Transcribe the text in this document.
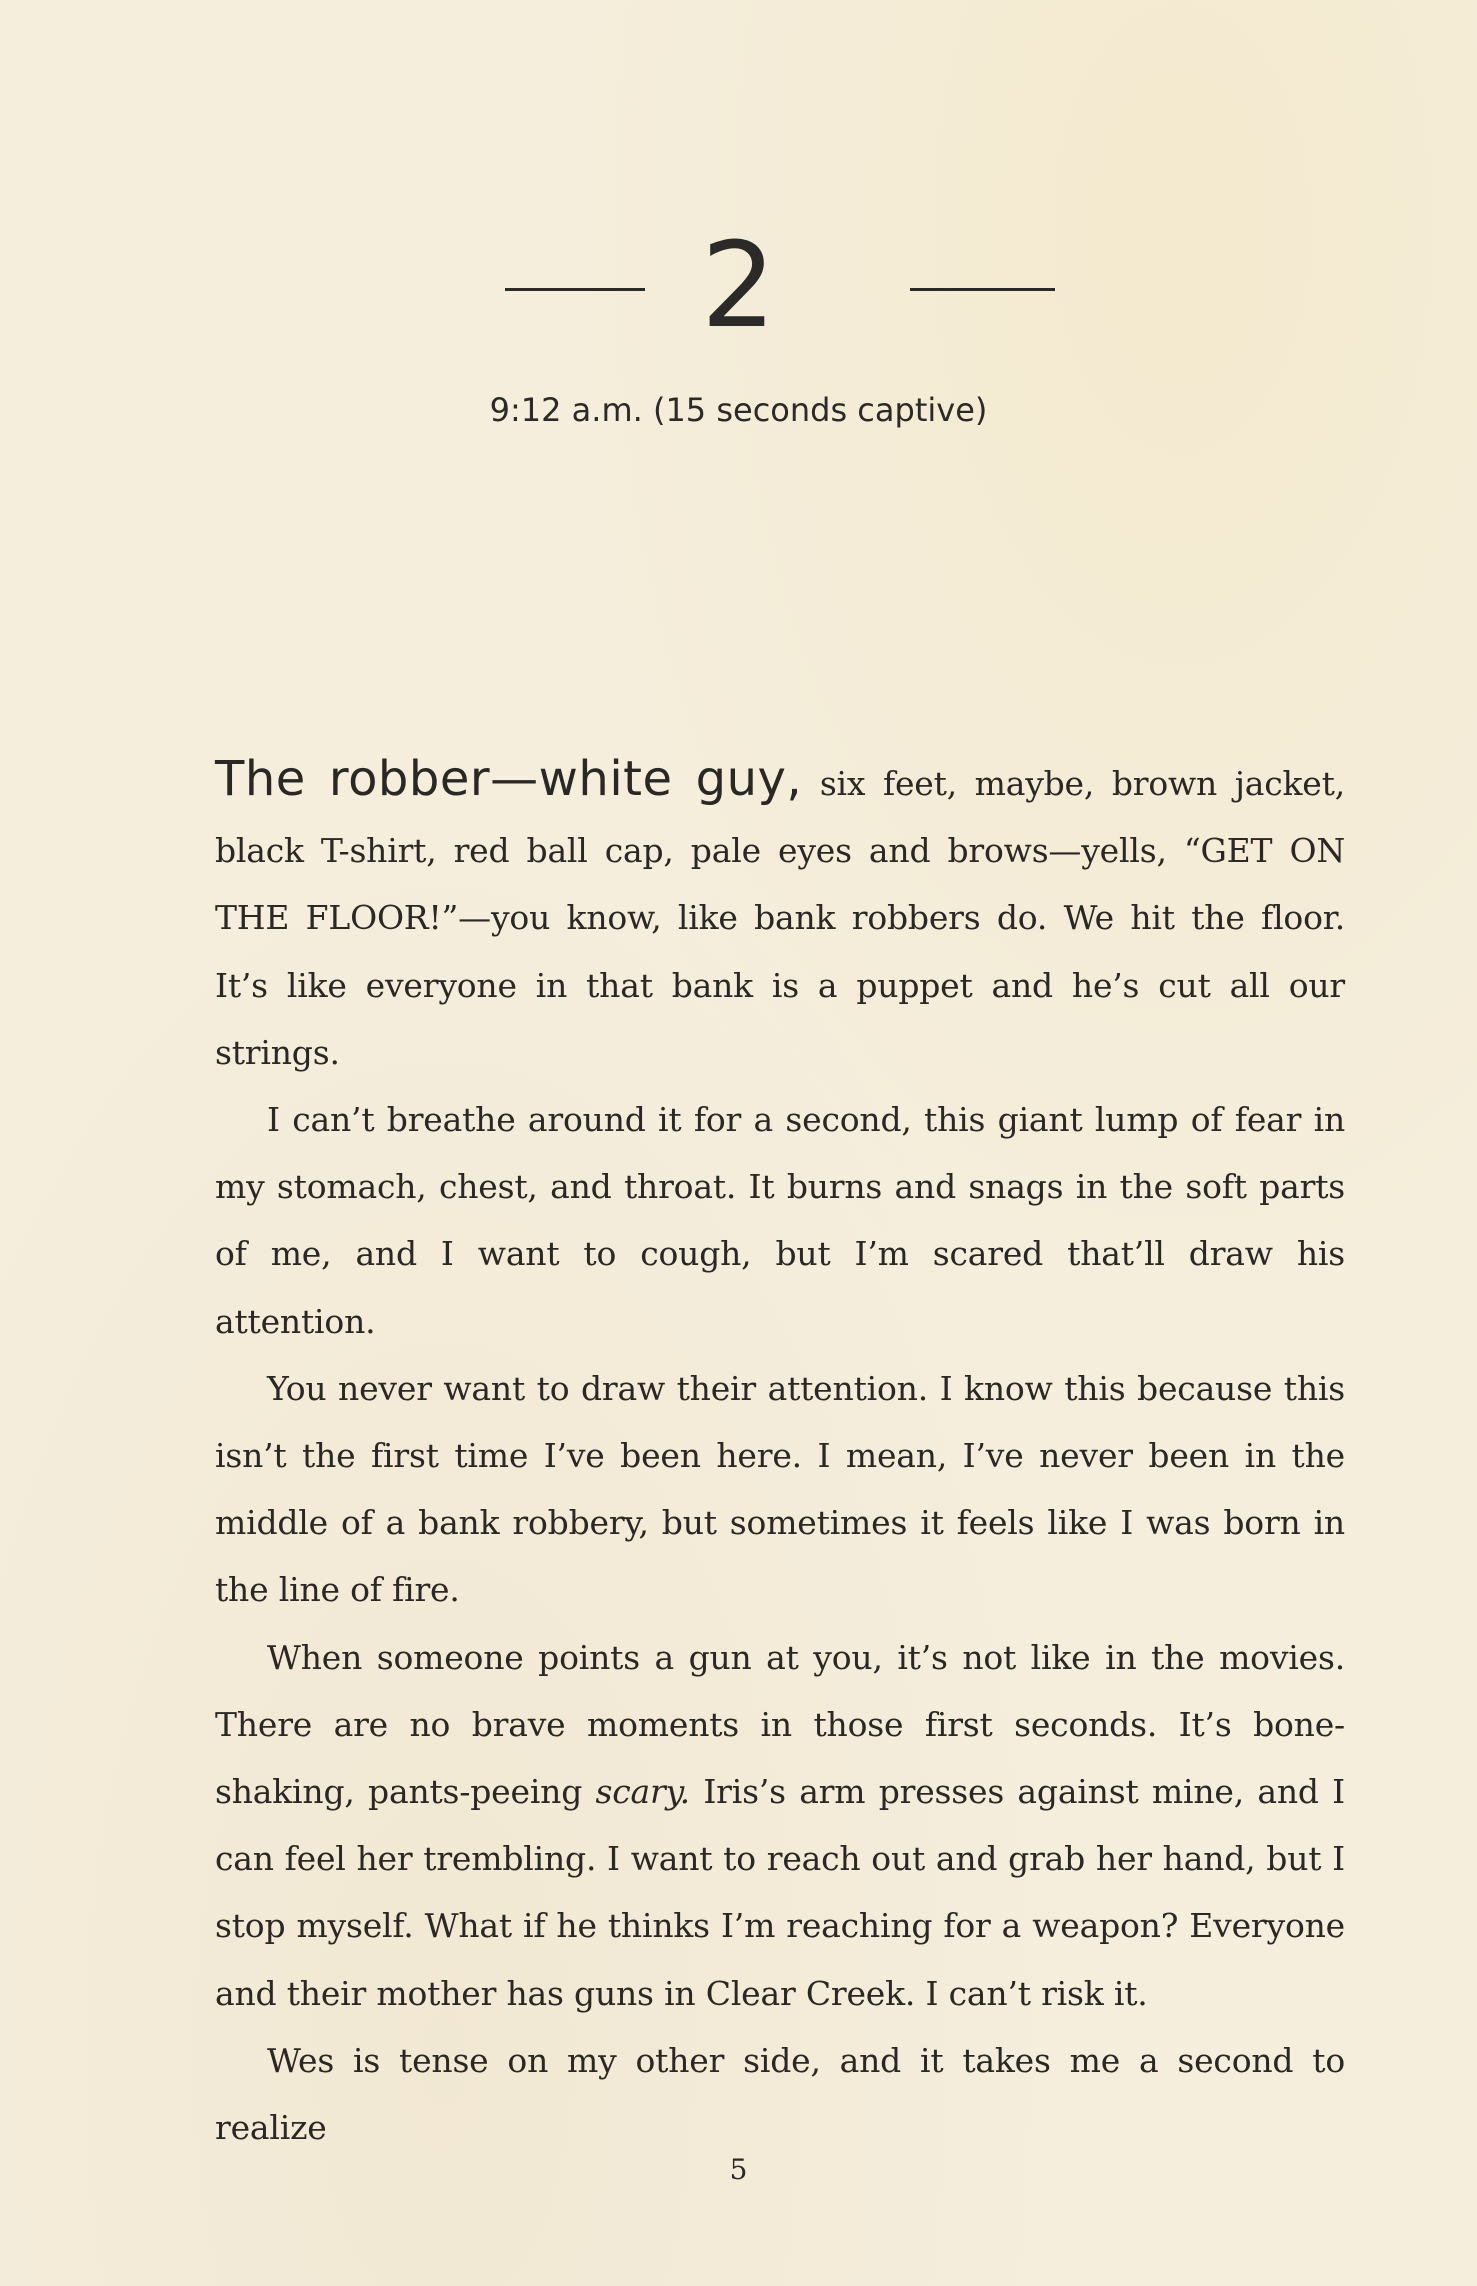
2
9:12 a.m. (15 seconds captive)

The robber—white guy, six feet, maybe, brown jacket, black T-shirt, red ball cap, pale eyes and brows—yells, “GET ON THE FLOOR!”—you know, like bank robbers do. We hit the floor. It’s like everyone in that bank is a puppet and he’s cut all our strings.

I can’t breathe around it for a second, this giant lump of fear in my stomach, chest, and throat. It burns and snags in the soft parts of me, and I want to cough, but I’m scared that’ll draw his attention.

You never want to draw their attention. I know this because this isn’t the first time I’ve been here. I mean, I’ve never been in the middle of a bank robbery, but sometimes it feels like I was born in the line of fire.

When someone points a gun at you, it’s not like in the movies. There are no brave moments in those first seconds. It’s bone-shaking, pants-peeing scary. Iris’s arm presses against mine, and I can feel her trembling. I want to reach out and grab her hand, but I stop myself. What if he thinks I’m reaching for a weapon? Everyone and their mother has guns in Clear Creek. I can’t risk it.

Wes is tense on my other side, and it takes me a second to realize

5
